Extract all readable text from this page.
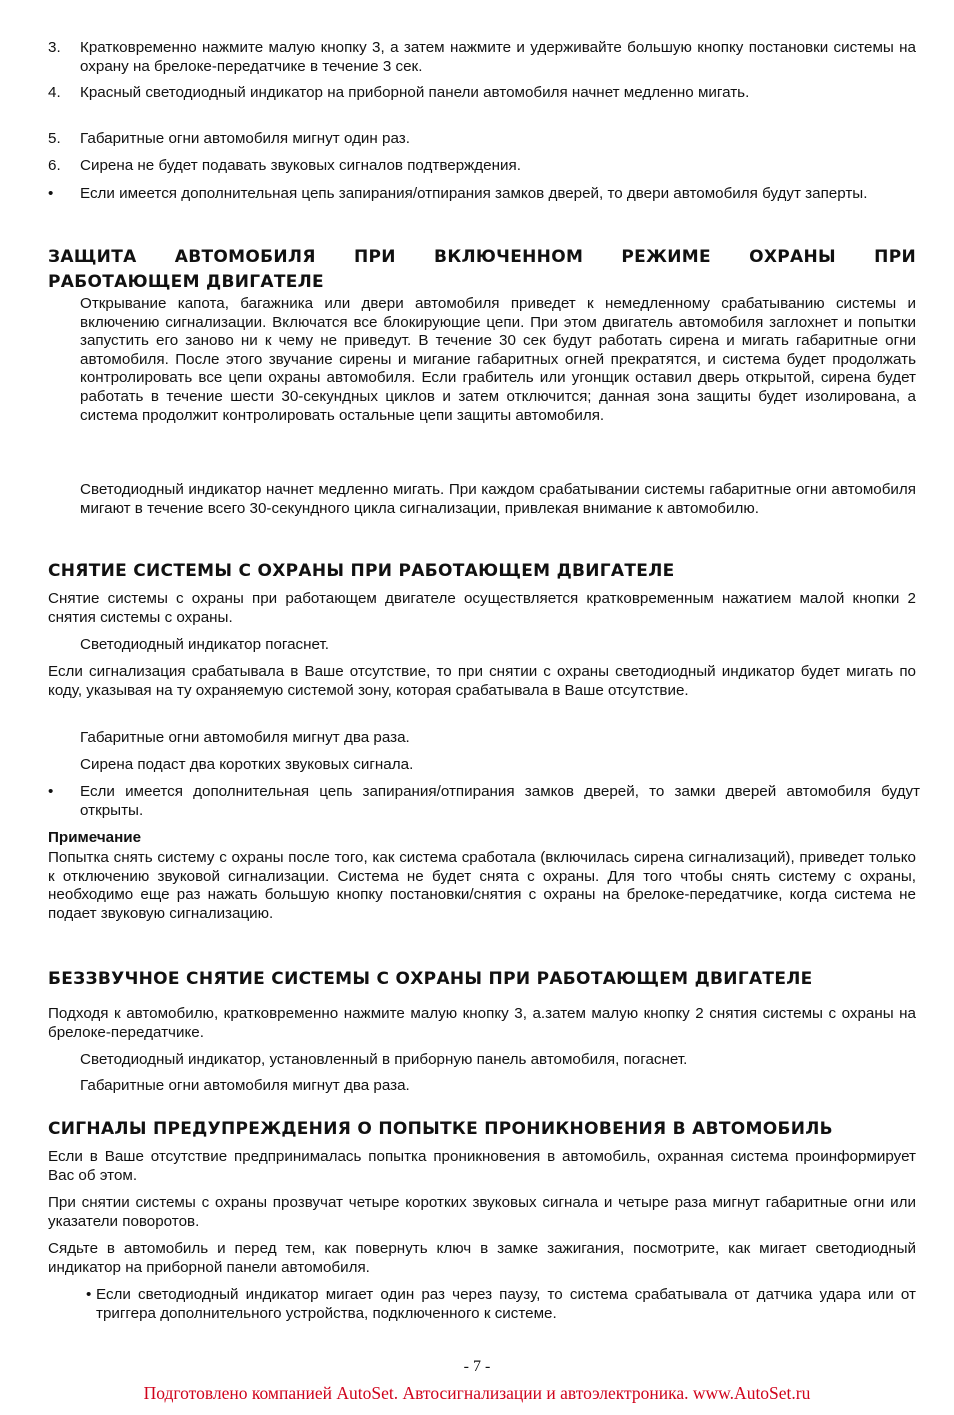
3. Кратковременно нажмите малую кнопку 3, а затем нажмите и удерживайте большую кнопку постановки системы на охрану на брелоке-передатчике в течение 3 сек.

4. Красный светодиодный индикатор на приборной панели автомобиля начнет медленно мигать.

5. Габаритные огни автомобиля мигнут один раз.

6. Сирена не будет подавать звуковых сигналов подтверждения.

• Если имеется дополнительная цепь запирания/отпирания замков дверей, то двери автомобиля будут заперты.

ЗАЩИТА АВТОМОБИЛЯ ПРИ ВКЛЮЧЕННОМ РЕЖИМЕ ОХРАНЫ ПРИ

РАБОТАЮЩЕМ ДВИГАТЕЛЕ

Открывание капота, багажника или двери автомобиля приведет к немедленному срабатыванию системы и включению сигнализации. Включатся все блокирующие цепи. При этом двигатель автомобиля заглохнет и попытки запустить его заново ни к чему не приведут. В течение 30 сек будут работать сирена и мигать габаритные огни автомобиля. После этого звучание сирены и мигание габаритных огней прекратятся, и система будет продолжать контролировать все цепи охраны автомобиля. Если грабитель или угонщик оставил дверь открытой, сирена будет работать в течение шести 30-секундных циклов и затем отключится; данная зона защиты будет изолирована, а система продолжит контролировать остальные цепи защиты автомобиля.

Светодиодный индикатор начнет медленно мигать. При каждом срабатывании системы габаритные огни автомобиля мигают в течение всего 30-секундного цикла сигнализации, привлекая внимание к автомобилю.

СНЯТИЕ СИСТЕМЫ С ОХРАНЫ ПРИ РАБОТАЮЩЕМ ДВИГАТЕЛЕ

Снятие системы с охраны при работающем двигателе осуществляется кратковременным нажатием малой кнопки 2 снятия системы с охраны.

Светодиодный индикатор погаснет.

Если сигнализация срабатывала в Ваше отсутствие, то при снятии с охраны светодиодный индикатор будет мигать по коду, указывая на ту охраняемую системой зону, которая срабатывала в Ваше отсутствие.

Габаритные огни автомобиля мигнут два раза.

Сирена подаст два коротких звуковых сигнала.

• Если имеется дополнительная цепь запирания/отпирания замков дверей, то замки дверей автомобиля будут открыты.

Примечание

Попытка снять систему с охраны после того, как система сработала (включилась сирена сигнализаций), приведет только к отключению звуковой сигнализации. Система не будет снята с охраны. Для того чтобы снять систему с охраны, необходимо еще раз нажать большую кнопку постановки/снятия с охраны на брелоке-передатчике, когда система не подает звуковую сигнализацию.

БЕЗЗВУЧНОЕ СНЯТИЕ СИСТЕМЫ С ОХРАНЫ ПРИ РАБОТАЮЩЕМ ДВИГАТЕЛЕ

Подходя к автомобилю, кратковременно нажмите малую кнопку 3, а.затем малую кнопку 2 снятия системы с охраны на брелоке-передатчике.

Светодиодный индикатор, установленный в приборную панель автомобиля, погаснет.

Габаритные огни автомобиля мигнут два раза.

СИГНАЛЫ ПРЕДУПРЕЖДЕНИЯ О ПОПЫТКЕ ПРОНИКНОВЕНИЯ В АВТОМОБИЛЬ

Если в Ваше отсутствие предпринималась попытка проникновения в автомобиль, охранная система проинформирует Вас об этом.

При снятии системы с охраны прозвучат четыре коротких звуковых сигнала и четыре раза мигнут габаритные огни или указатели поворотов.

Сядьте в автомобиль и перед тем, как повернуть ключ в замке зажигания, посмотрите, как мигает светодиодный индикатор на приборной панели автомобиля.

• Если светодиодный индикатор мигает один раз через паузу, то система срабатывала от датчика удара или от триггера дополнительного устройства, подключенного к системе.

- 7 -
Подготовлено компанией AutoSet. Автосигнализации и автоэлектроника. www.AutoSet.ru
